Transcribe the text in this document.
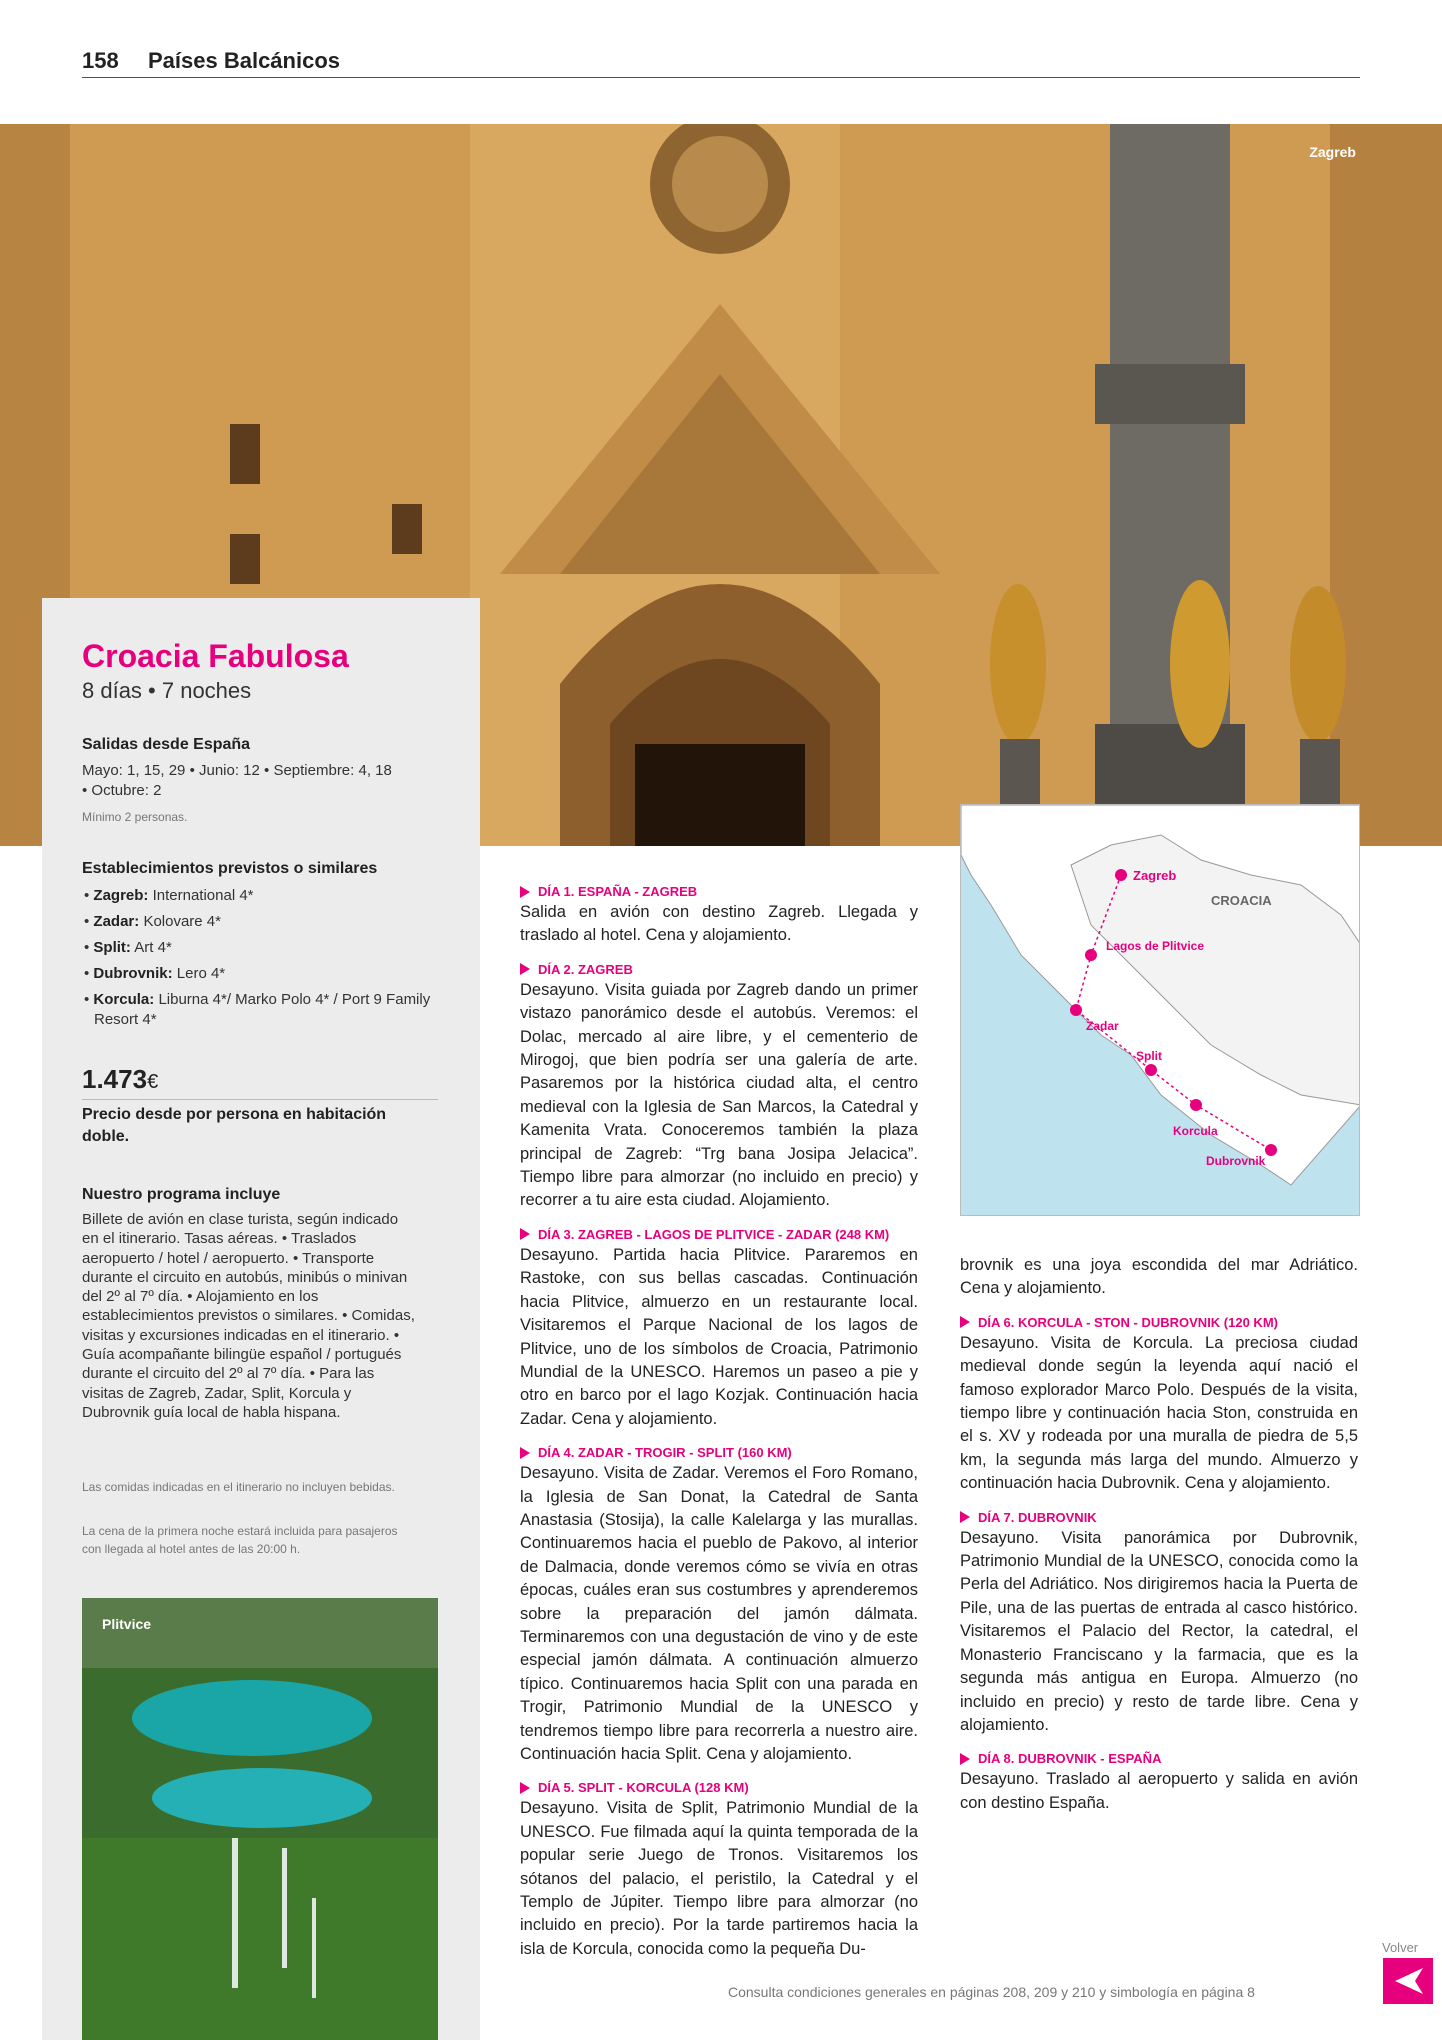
158 Países Balcánicos
Zagreb
Croacia Fabulosa
8 días • 7 noches
Salidas desde España
Mayo: 1, 15, 29 • Junio: 12 • Septiembre: 4, 18
• Octubre: 2
Mínimo 2 personas.
Establecimientos previstos o similares
• Zagreb: International 4*
• Zadar: Kolovare 4*
• Split: Art 4*
• Dubrovnik: Lero 4*
• Korcula: Liburna 4*/ Marko Polo 4* / Port 9 Family Resort 4*
1.473€
Precio desde por persona en habitación doble.
Nuestro programa incluye
Billete de avión en clase turista, según indicado en el itinerario. Tasas aéreas. • Traslados aeropuerto / hotel / aeropuerto. • Transporte durante el circuito en autobús, minibús o minivan del 2º al 7º día. • Alojamiento en los establecimientos previstos o similares. • Comidas, visitas y excursiones indicadas en el itinerario. • Guía acompañante bilingüe español / portugués durante el circuito del 2º al 7º día. • Para las visitas de Zagreb, Zadar, Split, Korcula y Dubrovnik guía local de habla hispana.
Las comidas indicadas en el itinerario no incluyen bebidas.
La cena de la primera noche estará incluida para pasajeros con llegada al hotel antes de las 20:00 h.
Plitvice
DÍA 1. ESPAÑA - ZAGREB
Salida en avión con destino Zagreb. Llegada y traslado al hotel. Cena y alojamiento.
DÍA 2. ZAGREB
Desayuno. Visita guiada por Zagreb dando un primer vistazo panorámico desde el autobús. Veremos: el Dolac, mercado al aire libre, y el cementerio de Mirogoj, que bien podría ser una galería de arte. Pasaremos por la histórica ciudad alta, el centro medieval con la Iglesia de San Marcos, la Catedral y Kamenita Vrata. Conoceremos también la plaza principal de Zagreb: “Trg bana Josipa Jelacica”. Tiempo libre para almorzar (no incluido en precio) y recorrer a tu aire esta ciudad. Alojamiento.
DÍA 3. ZAGREB - LAGOS DE PLITVICE - ZADAR (248 KM)
Desayuno. Partida hacia Plitvice. Pararemos en Rastoke, con sus bellas cascadas. Continuación hacia Plitvice, almuerzo en un restaurante local. Visitaremos el Parque Nacional de los lagos de Plitvice, uno de los símbolos de Croacia, Patrimonio Mundial de la UNESCO. Haremos un paseo a pie y otro en barco por el lago Kozjak. Continuación hacia Zadar. Cena y alojamiento.
DÍA 4. ZADAR - TROGIR - SPLIT (160 KM)
Desayuno. Visita de Zadar. Veremos el Foro Romano, la Iglesia de San Donat, la Catedral de Santa Anastasia (Stosija), la calle Kalelarga y las murallas. Continuaremos hacia el pueblo de Pakovo, al interior de Dalmacia, donde veremos cómo se vivía en otras épocas, cuáles eran sus costumbres y aprenderemos sobre la preparación del jamón dálmata. Terminaremos con una degustación de vino y de este especial jamón dálmata. A continuación almuerzo típico. Continuaremos hacia Split con una parada en Trogir, Patrimonio Mundial de la UNESCO y tendremos tiempo libre para recorrerla a nuestro aire. Continuación hacia Split. Cena y alojamiento.
DÍA 5. SPLIT - KORCULA (128 KM)
Desayuno. Visita de Split, Patrimonio Mundial de la UNESCO. Fue filmada aquí la quinta temporada de la popular serie Juego de Tronos. Visitaremos los sótanos del palacio, el peristilo, la Catedral y el Templo de Júpiter. Tiempo libre para almorzar (no incluido en precio). Por la tarde partiremos hacia la isla de Korcula, conocida como la pequeña Du-
Zagreb
CROACIA
Lagos de Plitvice
Zadar
Split
Korcula
Dubrovnik
brovnik es una joya escondida del mar Adriático. Cena y alojamiento.
DÍA 6. KORCULA - STON - DUBROVNIK (120 KM)
Desayuno. Visita de Korcula. La preciosa ciudad medieval donde según la leyenda aquí nació el famoso explorador Marco Polo. Después de la visita, tiempo libre y continuación hacia Ston, construida en el s. XV y rodeada por una muralla de piedra de 5,5 km, la segunda más larga del mundo. Almuerzo y continuación hacia Dubrovnik. Cena y alojamiento.
DÍA 7. DUBROVNIK
Desayuno. Visita panorámica por Dubrovnik, Patrimonio Mundial de la UNESCO, conocida como la Perla del Adriático. Nos dirigiremos hacia la Puerta de Pile, una de las puertas de entrada al casco histórico. Visitaremos el Palacio del Rector, la catedral, el Monasterio Franciscano y la farmacia, que es la segunda más antigua en Europa. Almuerzo (no incluido en precio) y resto de tarde libre. Cena y alojamiento.
DÍA 8. DUBROVNIK - ESPAÑA
Desayuno. Traslado al aeropuerto y salida en avión con destino España.
Consulta condiciones generales en páginas 208, 209 y 210 y simbología en página 8
Volver
